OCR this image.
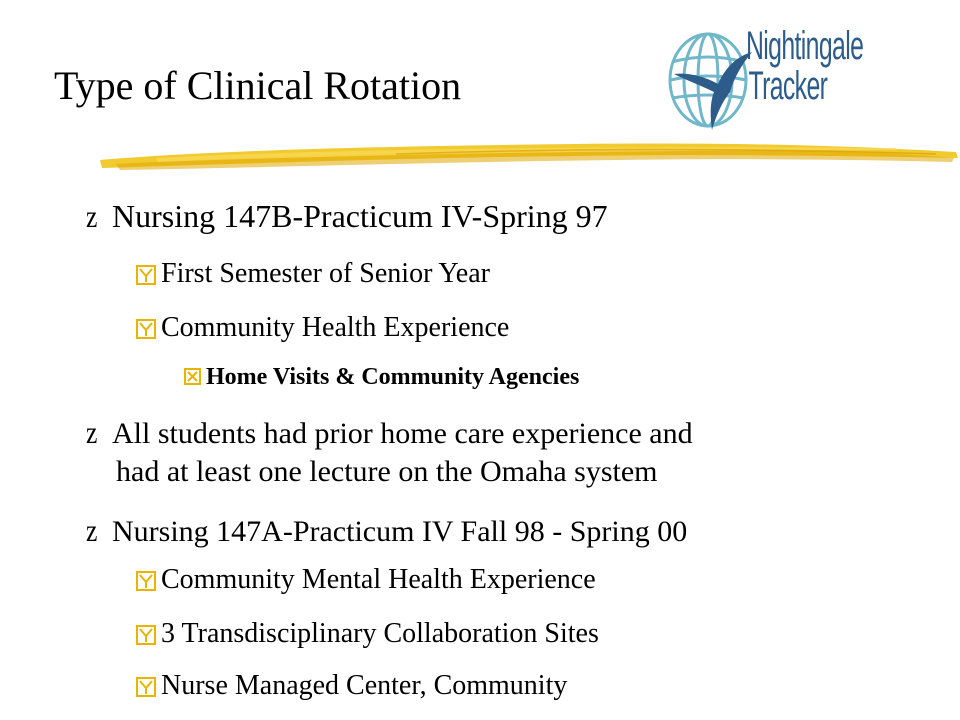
Type of Clinical Rotation
Nightingale
Tracker
z Nursing 147B-Practicum IV-Spring 97
First Semester of Senior Year
Community Health Experience
Home Visits & Community Agencies
z All students had prior home care experience and
had at least one lecture on the Omaha system
z Nursing 147A-Practicum IV Fall 98 - Spring 00
Community Mental Health Experience
3 Transdisciplinary Collaboration Sites
Nurse Managed Center, Community
